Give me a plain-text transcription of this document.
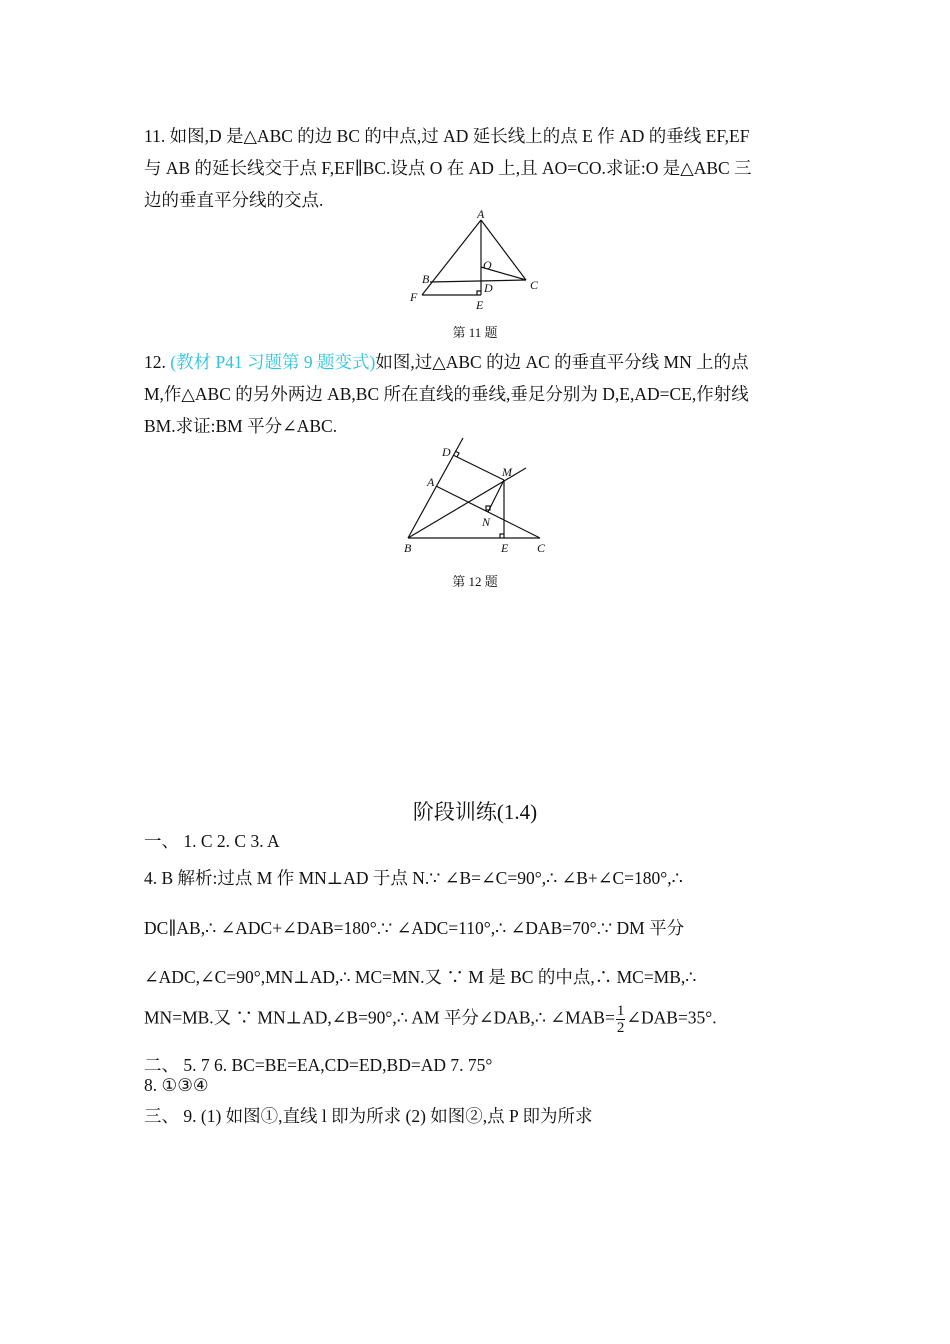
11. 如图,D 是△ABC 的边 BC 的中点,过 AD 延长线上的点 E 作 AD 的垂线 EF,EF
与 AB 的延长线交于点 F,EF∥BC.设点 O 在 AD 上,且 AO=CO.求证:O 是△ABC 三
边的垂直平分线的交点.
A
O
B	C
D
F
E
第 11 题
12. (教材 P41 习题第 9 题变式)如图,过△ABC 的边 AC 的垂直平分线 MN 上的点
M,作△ABC 的另外两边 AB,BC 所在直线的垂线,垂足分别为 D,E,AD=CE,作射线
BM.求证:BM 平分∠ABC.
D
M
A
N
B	E C
第 12 题
阶段训练(1.4)
一、 1. C 2. C 3. A
4. B 解析:过点 M 作 MN⊥AD 于点 N.∵ ∠B=∠C=90°,∴ ∠B+∠C=180°,∴
DC∥AB,∴ ∠ADC+∠DAB=180°.∵ ∠ADC=110°,∴ ∠DAB=70°.∵ DM 平分
∠ADC,∠C=90°,MN⊥AD,∴ MC=MN.又 ∵ M 是 BC 的中点,∴ MC=MB,∴
MN=MB.又 ∵ MN⊥AD,∠B=90°,∴ AM 平分∠DAB,∴ ∠MAB= $\frac{1}{2}$ ∠DAB=35°.
二、 5. 7 6. BC=BE=EA,CD=ED,BD=AD 7. 75°
8. ①③④
三、 9. (1) 如图①,直线 l 即为所求 (2) 如图②,点 P 即为所求
